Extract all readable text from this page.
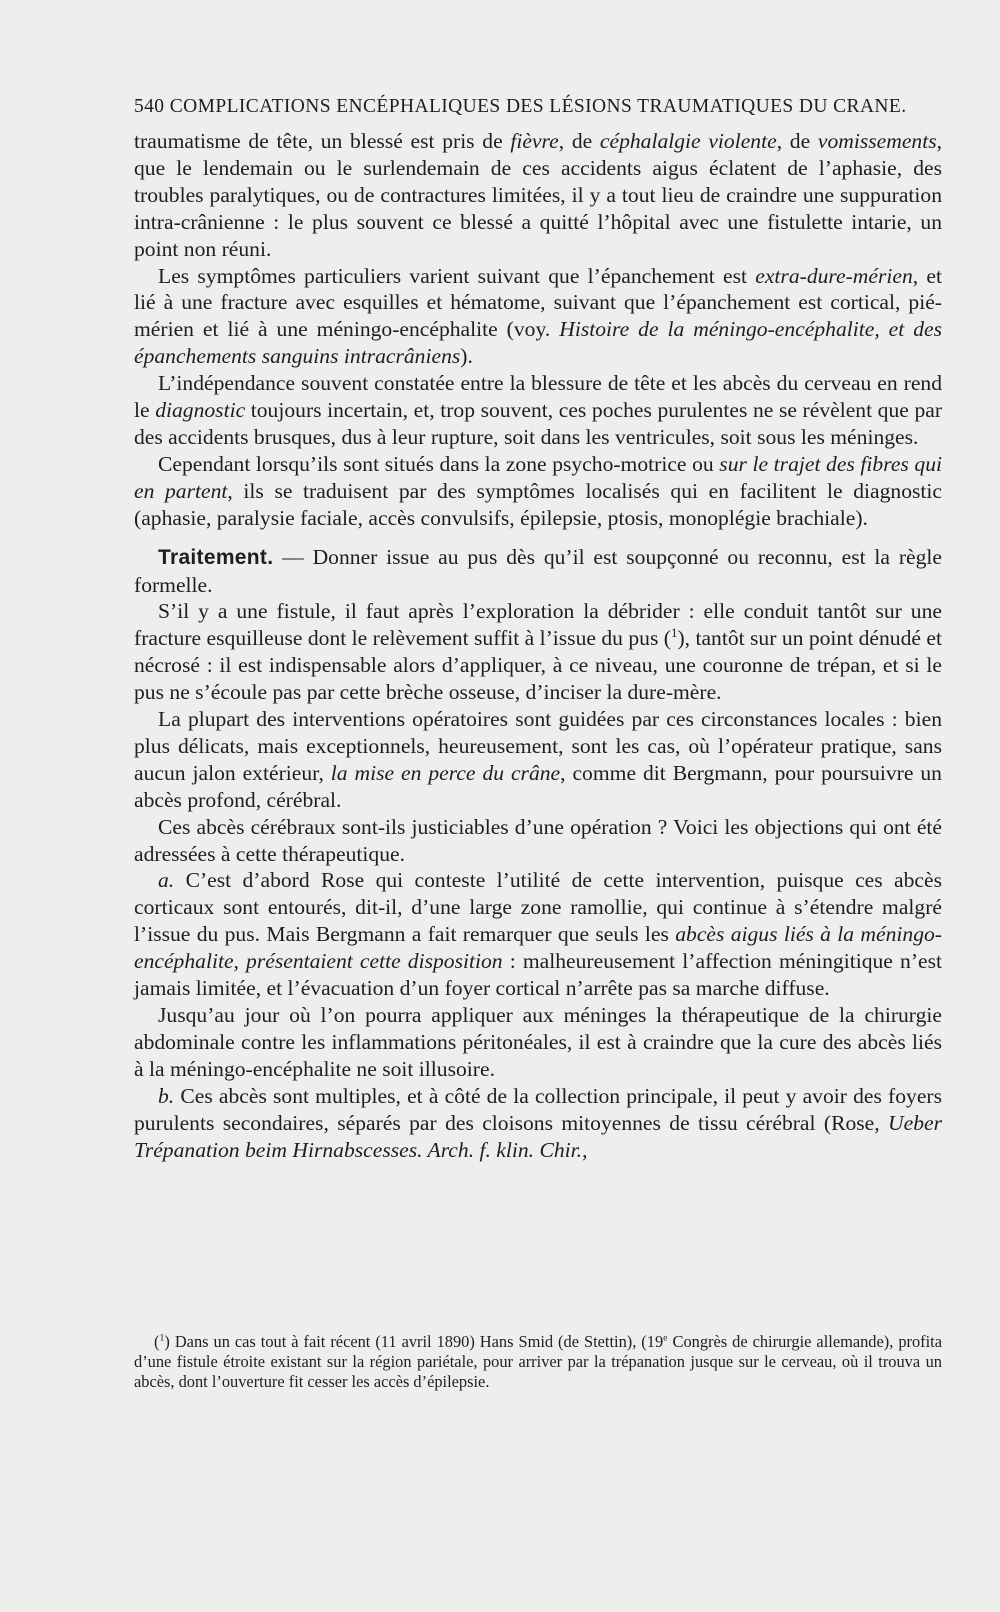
540 COMPLICATIONS ENCÉPHALIQUES DES LÉSIONS TRAUMATIQUES DU CRANE.

traumatisme de tête, un blessé est pris de fièvre, de céphalalgie violente, de vomissements, que le lendemain ou le surlendemain de ces accidents aigus éclatent de l’aphasie, des troubles paralytiques, ou de contractures limitées, il y a tout lieu de craindre une suppuration intra-crânienne : le plus souvent ce blessé a quitté l’hôpital avec une fistulette intarie, un point non réuni.

Les symptômes particuliers varient suivant que l’épanchement est extra-dure-mérien, et lié à une fracture avec esquilles et hématome, suivant que l’épanchement est cortical, pié-mérien et lié à une méningo-encéphalite (voy. Histoire de la méningo-encéphalite, et des épanchements sanguins intracrâniens).

L’indépendance souvent constatée entre la blessure de tête et les abcès du cerveau en rend le diagnostic toujours incertain, et, trop souvent, ces poches purulentes ne se révèlent que par des accidents brusques, dus à leur rupture, soit dans les ventricules, soit sous les méninges.

Cependant lorsqu’ils sont situés dans la zone psycho-motrice ou sur le trajet des fibres qui en partent, ils se traduisent par des symptômes localisés qui en facilitent le diagnostic (aphasie, paralysie faciale, accès convulsifs, épilepsie, ptosis, monoplégie brachiale).

Traitement. — Donner issue au pus dès qu’il est soupçonné ou reconnu, est la règle formelle.

S’il y a une fistule, il faut après l’exploration la débrider : elle conduit tantôt sur une fracture esquilleuse dont le relèvement suffit à l’issue du pus ($^1$), tantôt sur un point dénudé et nécrosé : il est indispensable alors d’appliquer, à ce niveau, une couronne de trépan, et si le pus ne s’écoule pas par cette brèche osseuse, d’inciser la dure-mère.

La plupart des interventions opératoires sont guidées par ces circonstances locales : bien plus délicats, mais exceptionnels, heureusement, sont les cas, où l’opérateur pratique, sans aucun jalon extérieur, la mise en perce du crâne, comme dit Bergmann, pour poursuivre un abcès profond, cérébral.

Ces abcès cérébraux sont-ils justiciables d’une opération ? Voici les objections qui ont été adressées à cette thérapeutique.

a. C’est d’abord Rose qui conteste l’utilité de cette intervention, puisque ces abcès corticaux sont entourés, dit-il, d’une large zone ramollie, qui continue à s’étendre malgré l’issue du pus. Mais Bergmann a fait remarquer que seuls les abcès aigus liés à la méningo-encéphalite, présentaient cette disposition : malheureusement l’affection méningitique n’est jamais limitée, et l’évacuation d’un foyer cortical n’arrête pas sa marche diffuse.

Jusqu’au jour où l’on pourra appliquer aux méninges la thérapeutique de la chirurgie abdominale contre les inflammations péritonéales, il est à craindre que la cure des abcès liés à la méningo-encéphalite ne soit illusoire.

b. Ces abcès sont multiples, et à côté de la collection principale, il peut y avoir des foyers purulents secondaires, séparés par des cloisons mitoyennes de tissu cérébral (Rose, Ueber Trépanation beim Hirnabscesses. Arch. f. klin. Chir.,

($^1$) Dans un cas tout à fait récent (11 avril 1890) Hans Smid (de Stettin), (19e Congrès de chirurgie allemande), profita d’une fistule étroite existant sur la région pariétale, pour arriver par la trépanation jusque sur le cerveau, où il trouva un abcès, dont l’ouverture fit cesser les accès d’épilepsie.
